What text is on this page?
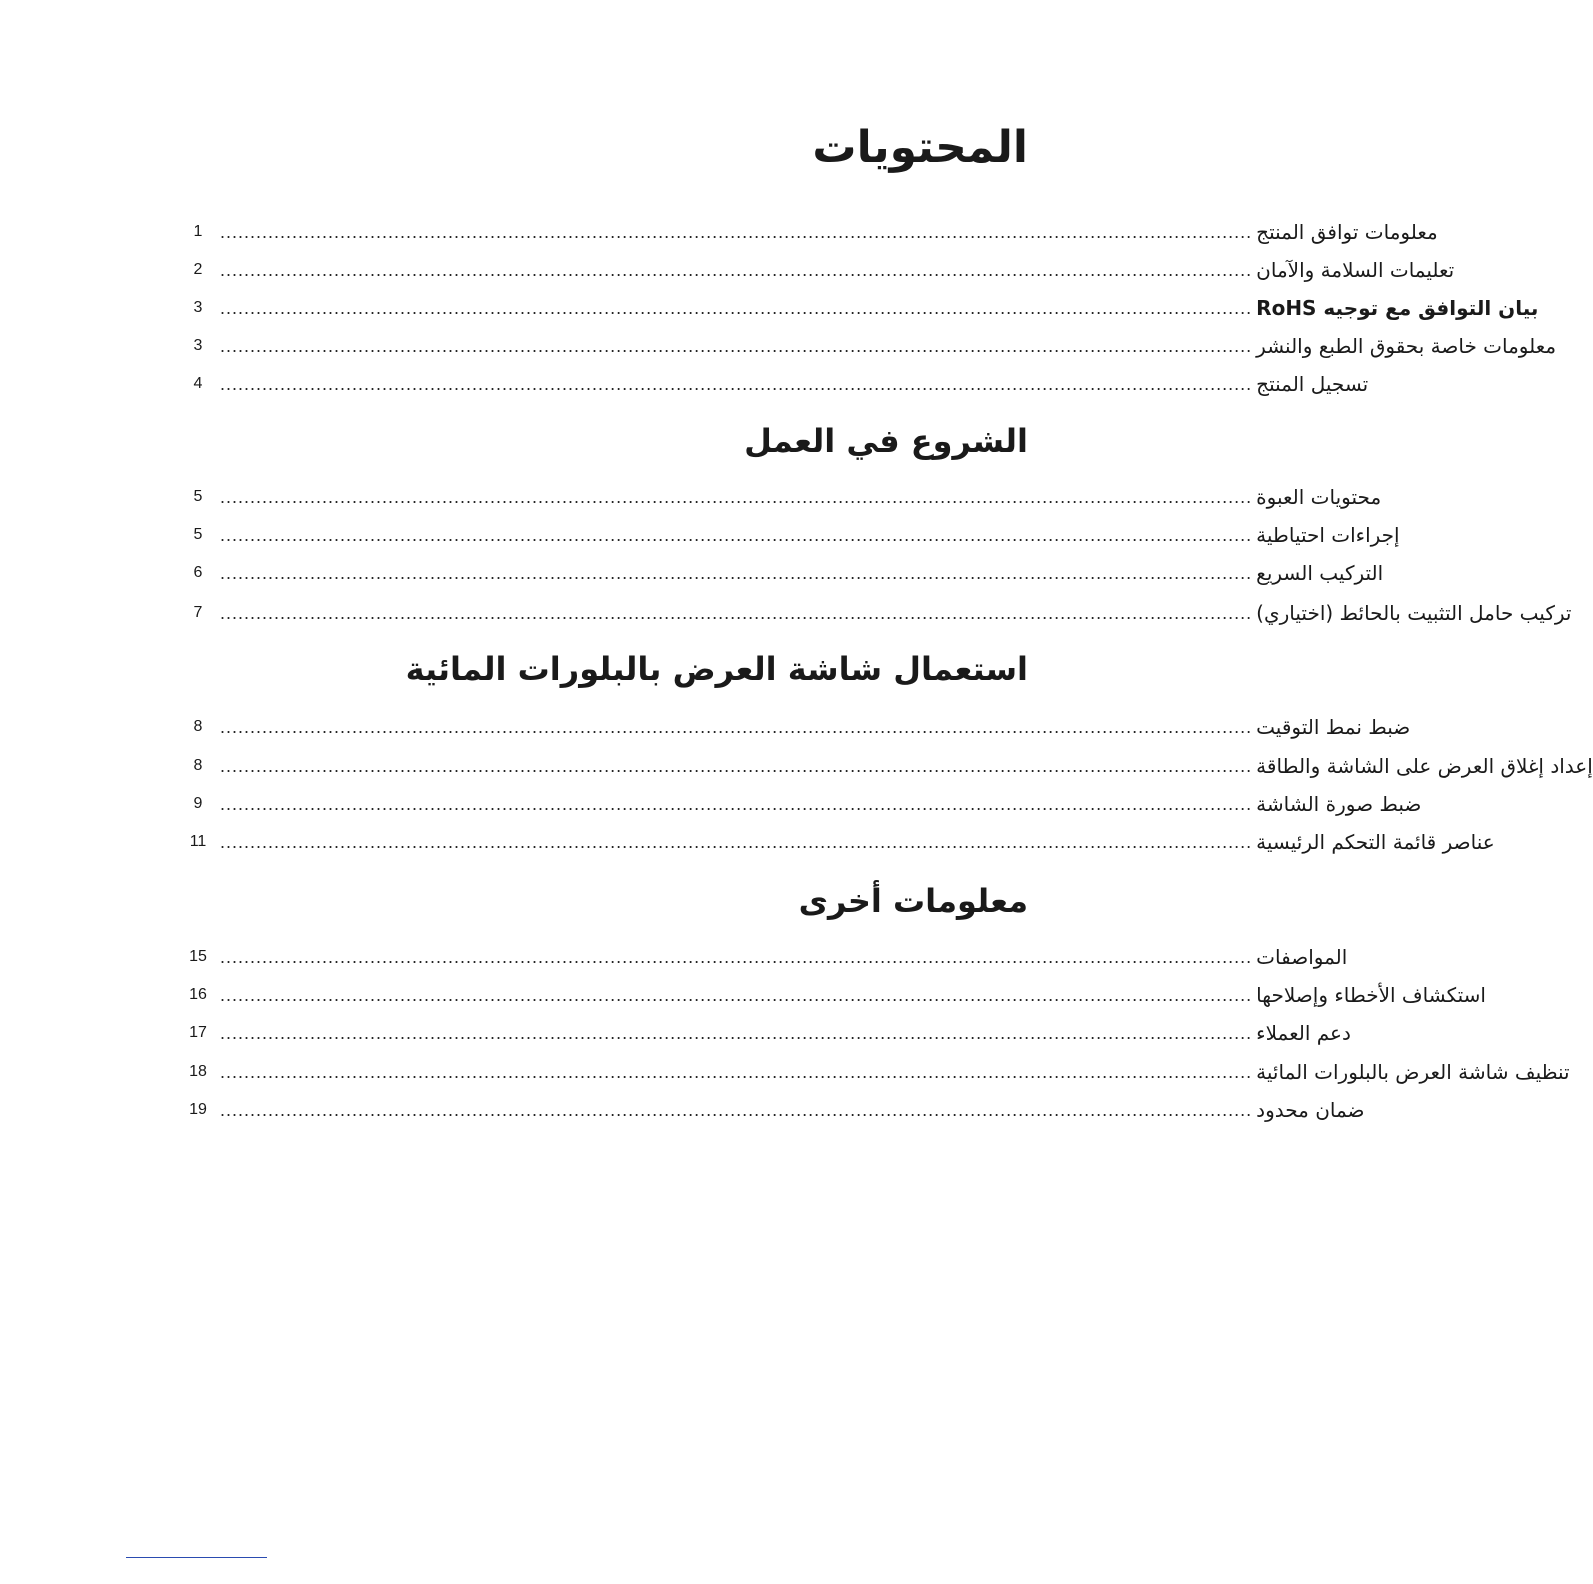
المحتويات
1 ............................................................................................................................................................................ معلومات توافق المنتج
2 ............................................................................................................................................................................ تعليمات السلامة والآمان
3 ............................................................................................................................................................................ بيان التوافق مع توجيه RoHS
3 ............................................................................................................................................................................ معلومات خاصة بحقوق الطبع والنشر
4 ............................................................................................................................................................................ تسجيل المنتج
الشروع في العمل
5 ............................................................................................................................................................................ محتويات العبوة
5 ............................................................................................................................................................................ إجراءات احتياطية
6 ............................................................................................................................................................................ التركيب السريع
7 ............................................................................................................................................................................ تركيب حامل التثبيت بالحائط (اختياري)
استعمال شاشة العرض بالبلورات المائية
8 ............................................................................................................................................................................ ضبط نمط التوقيت
8 ............................................................................................................................................................................ إعداد إغلاق العرض على الشاشة والطاقة
9 ............................................................................................................................................................................ ضبط صورة الشاشة
11 ............................................................................................................................................................................ عناصر قائمة التحكم الرئيسية
معلومات أخرى
15 ............................................................................................................................................................................ المواصفات
16 ............................................................................................................................................................................ استكشاف الأخطاء وإصلاحها
17 ............................................................................................................................................................................ دعم العملاء
18 ............................................................................................................................................................................ تنظيف شاشة العرض بالبلورات المائية
19 ............................................................................................................................................................................ ضمان محدود
